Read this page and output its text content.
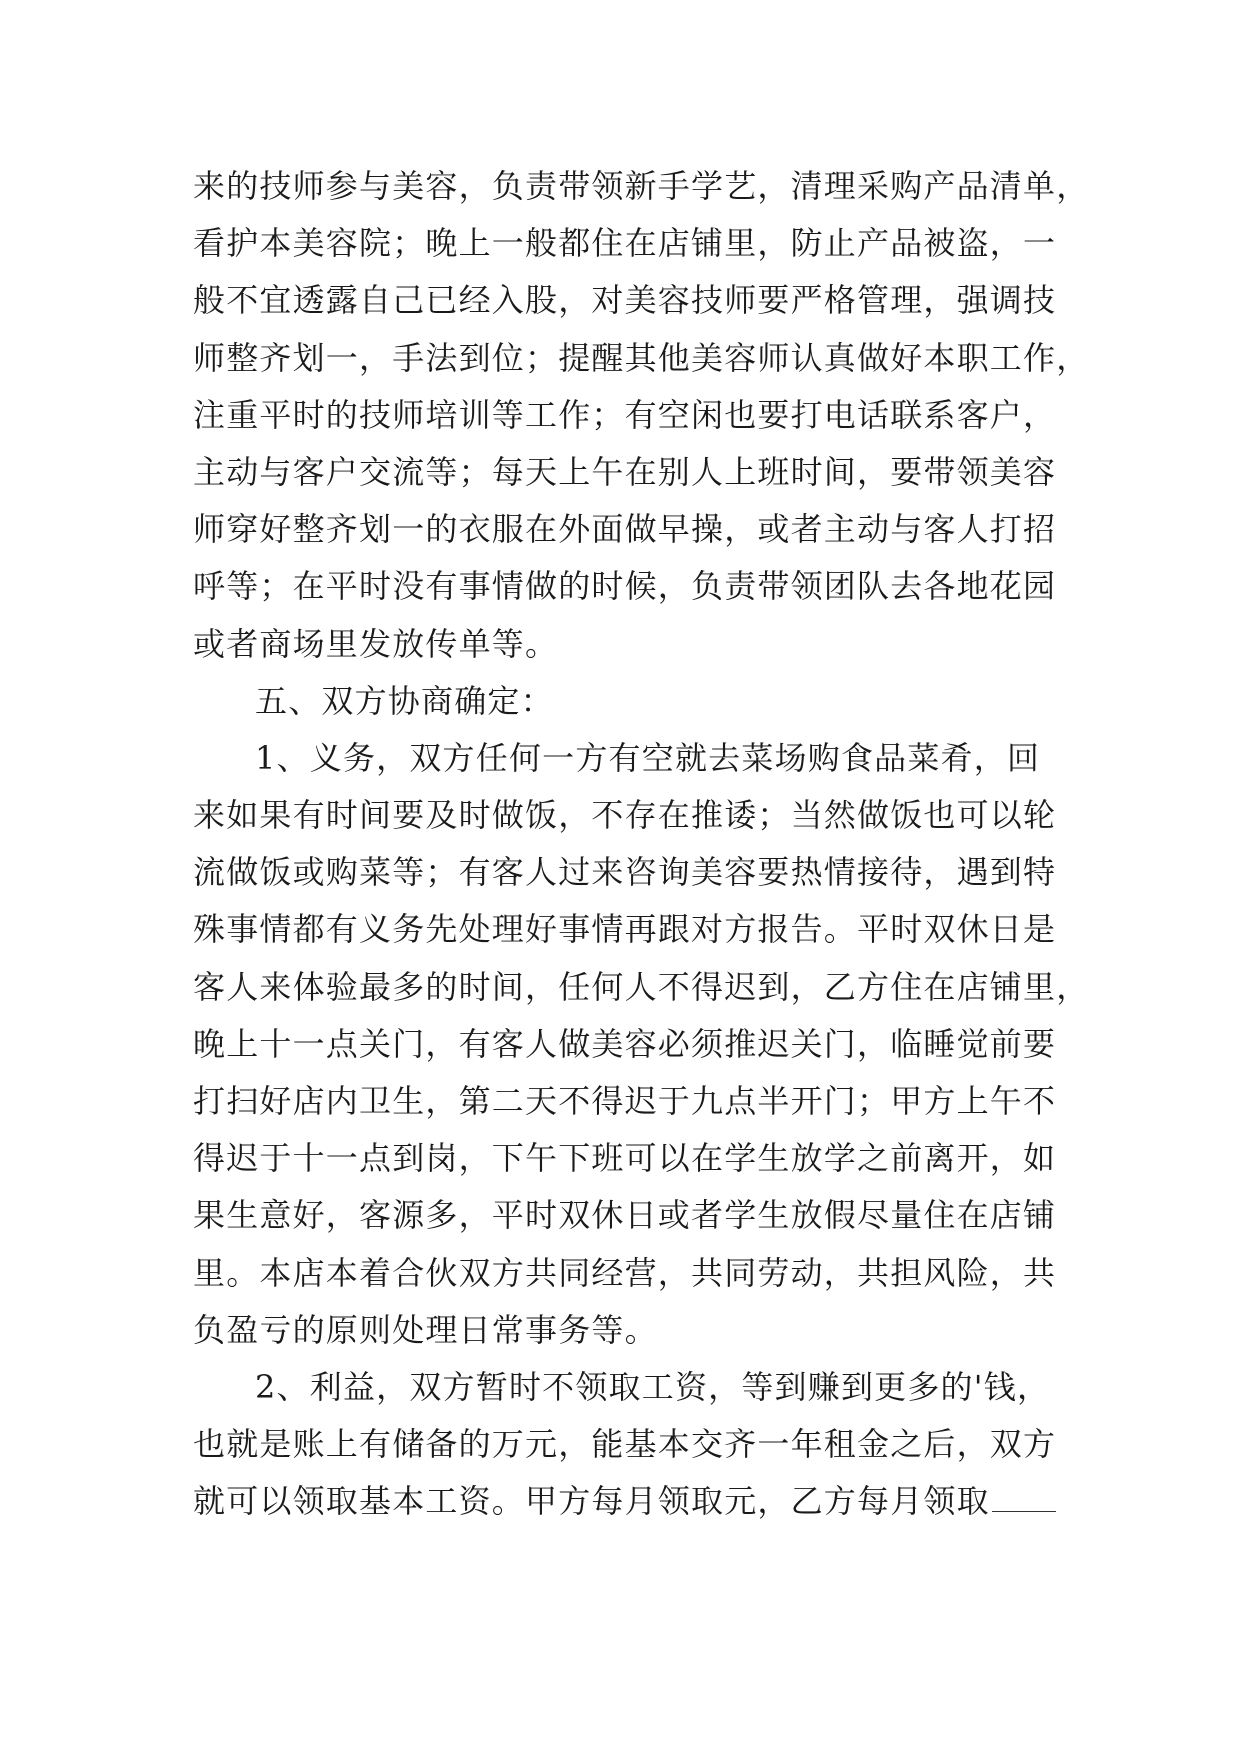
来的技师参与美容，负责带领新手学艺，清理采购产品清单，
看护本美容院；晚上一般都住在店铺里，防止产品被盗，一
般不宜透露自己已经入股，对美容技师要严格管理，强调技
师整齐划一，手法到位；提醒其他美容师认真做好本职工作，
注重平时的技师培训等工作；有空闲也要打电话联系客户，
主动与客户交流等；每天上午在别人上班时间，要带领美容
师穿好整齐划一的衣服在外面做早操，或者主动与客人打招
呼等；在平时没有事情做的时候，负责带领团队去各地花园
或者商场里发放传单等。
五、双方协商确定：
1、义务，双方任何一方有空就去菜场购食品菜肴，回
来如果有时间要及时做饭，不存在推诿；当然做饭也可以轮
流做饭或购菜等；有客人过来咨询美容要热情接待，遇到特
殊事情都有义务先处理好事情再跟对方报告。平时双休日是
客人来体验最多的时间，任何人不得迟到，乙方住在店铺里，
晚上十一点关门，有客人做美容必须推迟关门，临睡觉前要
打扫好店内卫生，第二天不得迟于九点半开门；甲方上午不
得迟于十一点到岗，下午下班可以在学生放学之前离开，如
果生意好，客源多，平时双休日或者学生放假尽量住在店铺
里。本店本着合伙双方共同经营，共同劳动，共担风险，共
负盈亏的原则处理日常事务等。
2、利益，双方暂时不领取工资，等到赚到更多的'钱，
也就是账上有储备的万元，能基本交齐一年租金之后，双方
就可以领取基本工资。甲方每月领取元，乙方每月领取
